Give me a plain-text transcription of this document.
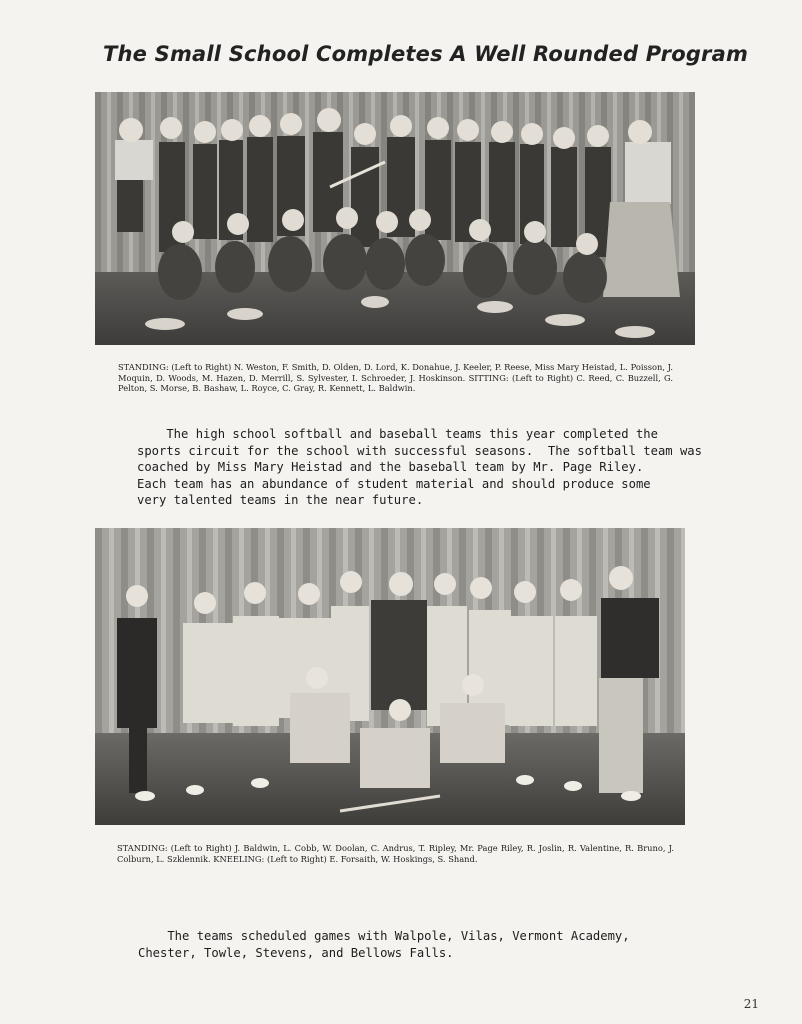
The Small School Completes A Well Rounded Program
STANDING: (Left to Right) N. Weston, F. Smith, D. Olden, D. Lord, K. Donahue, J. Keeler, P. Reese, Miss Mary Heistad, L. Poisson, J. Moquin, D. Woods, M. Hazen, D. Merrill, S. Sylvester, I. Schroeder, J. Hoskinson. SITTING: (Left to Right) C. Reed, C. Buzzell, G. Pelton, S. Morse, B. Bashaw, L. Royce, C. Gray, R. Kennett, L. Baldwin.
The high school softball and baseball teams this year completed the
sports circuit for the school with successful seasons.  The softball team was
coached by Miss Mary Heistad and the baseball team by Mr. Page Riley.
Each team has an abundance of student material and should produce some
very talented teams in the near future.
STANDING: (Left to Right) J. Baldwin, L. Cobb, W. Doolan, C. Andrus, T. Ripley, Mr. Page Riley, R. Joslin, R. Valentine, R. Bruno, J. Colburn, L. Szklennik. KNEELING: (Left to Right) E. Forsaith, W. Hoskings, S. Shand.
The teams scheduled games with Walpole, Vilas, Vermont Academy,
Chester, Towle, Stevens, and Bellows Falls.
21
